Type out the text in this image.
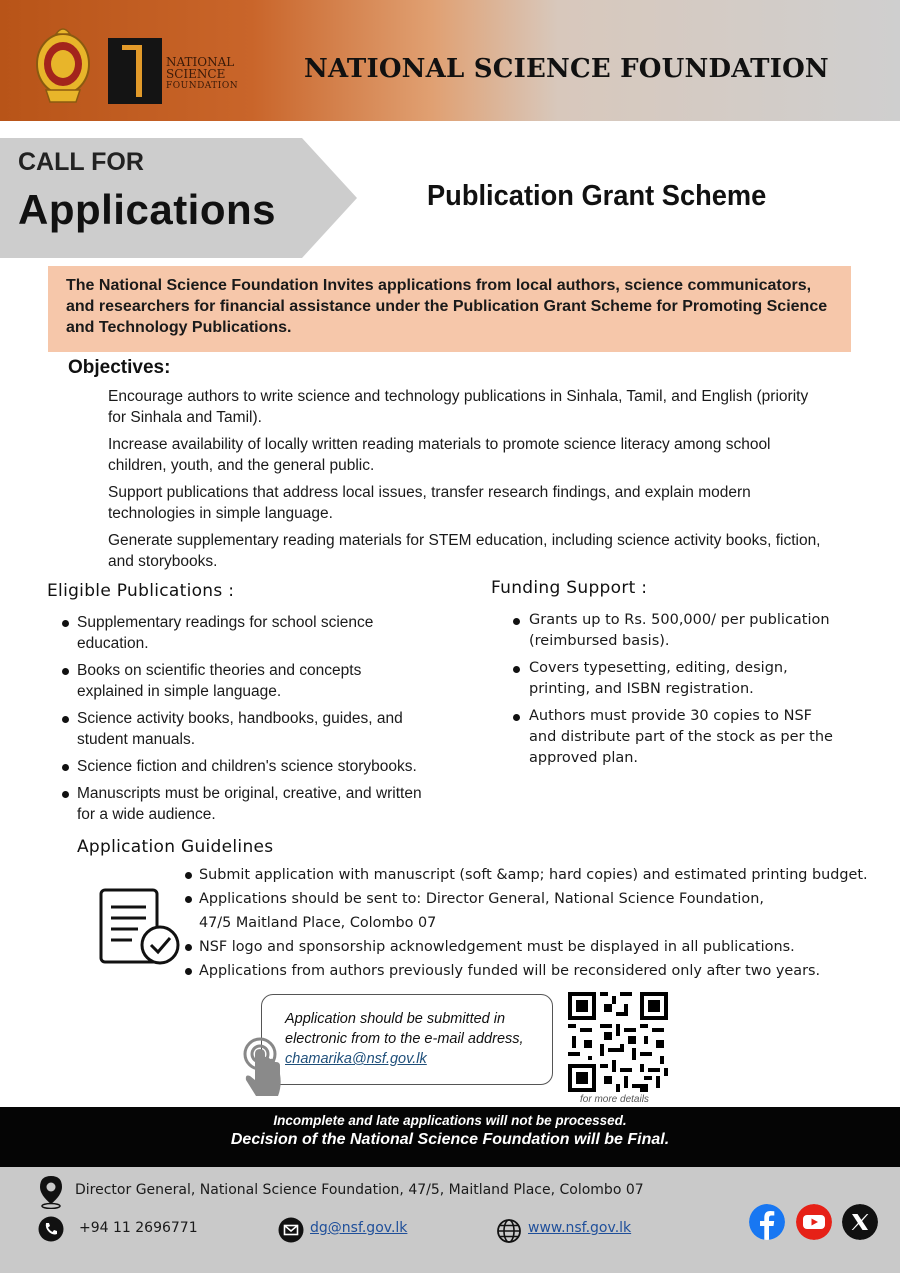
NATIONAL
SCIENCE
FOUNDATION
NATIONAL SCIENCE FOUNDATION
CALL FOR
Applications	Publication Grant Scheme
The National Science Foundation Invites applications from local authors, science communicators, and researchers for financial assistance under the Publication Grant Scheme for Promoting Science and Technology Publications.
Objectives:
Encourage authors to write science and technology publications in Sinhala, Tamil, and English (priority for Sinhala and Tamil).
Increase availability of locally written reading materials to promote science literacy among school children, youth, and the general public.
Support publications that address local issues, transfer research findings, and explain modern technologies in simple language.
Generate supplementary reading materials for STEM education, including science activity books, fiction, and storybooks.
Eligible Publications :
Supplementary readings for school science education.
Books on scientific theories and concepts explained in simple language.
Science activity books, handbooks, guides, and student manuals.
Science fiction and children's science storybooks.
Manuscripts must be original, creative, and written for a wide audience.
Funding Support :
Grants up to Rs. 500,000/ per publication (reimbursed basis).
Covers typesetting, editing, design, printing, and ISBN registration.
Authors must provide 30 copies to NSF and distribute part of the stock as per the approved plan.
Application Guidelines
Submit application with manuscript (soft &amp; hard copies) and estimated printing budget.
Applications should be sent to: Director General, National Science Foundation,
47/5 Maitland Place, Colombo 07
NSF logo and sponsorship acknowledgement must be displayed in all publications.
Applications from authors previously funded will be reconsidered only after two years.
Application should be submitted in electronic from to the e-mail address,
chamarika@nsf.gov.lk
for more details
Incomplete and late applications will not be processed.
Decision of the National Science Foundation will be Final.
Director General, National Science Foundation, 47/5, Maitland Place, Colombo 07
+94 11 2696771	dg@nsf.gov.lk	www.nsf.gov.lk
